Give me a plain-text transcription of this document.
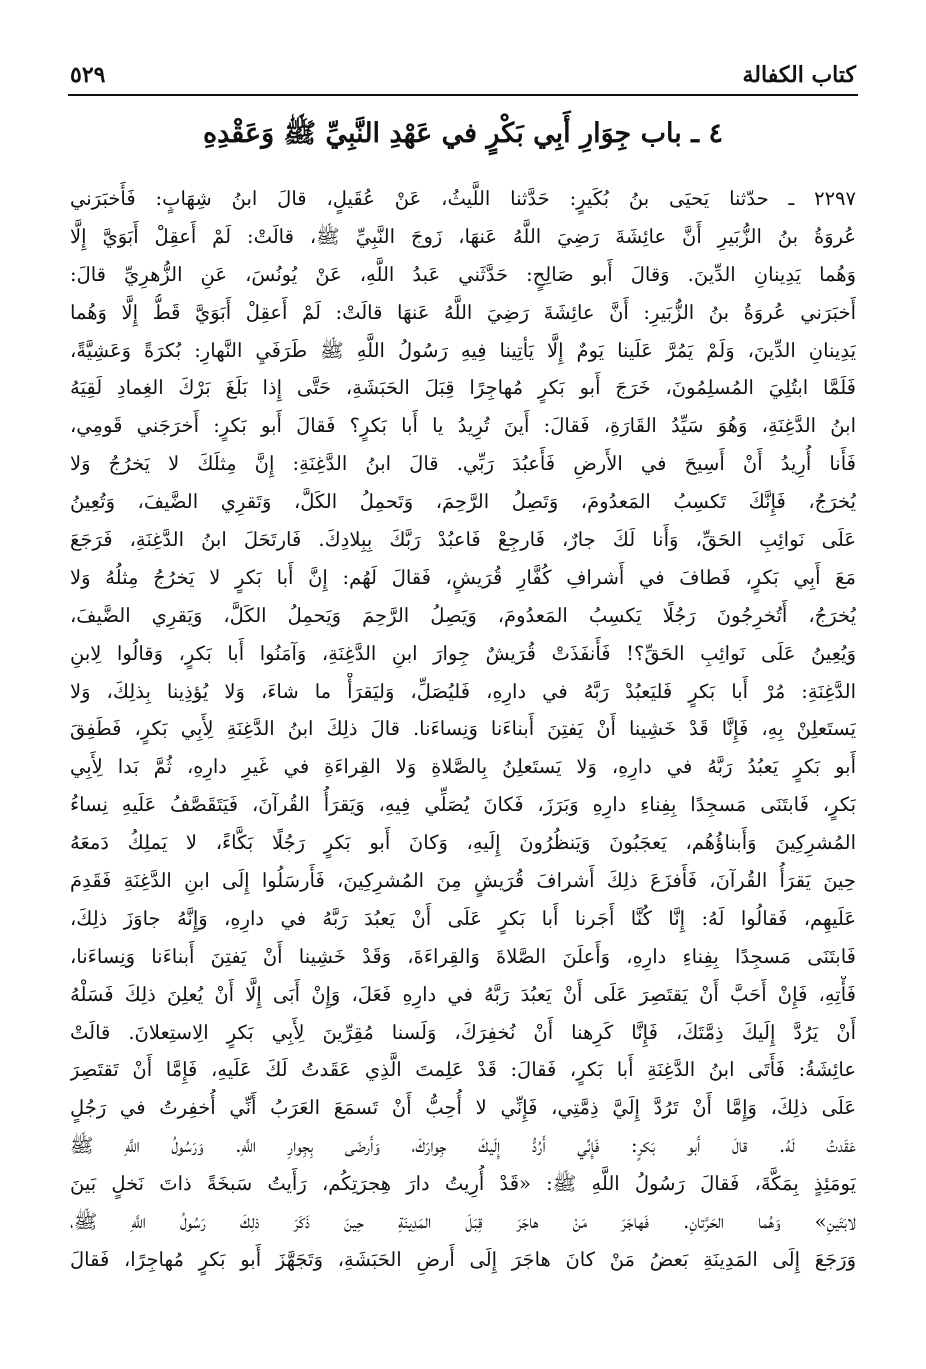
كتاب الكفالة
٥٢٩
٤ ـ باب جِوَارِ أَبِي بَكْرٍ في عَهْدِ النَّبِيِّ ﷺ وَعَقْدِهِ
٢٢٩٧ ـ حدّثنا يَحيَى بنُ بُكَيرٍ: حَدَّثنا اللَّيثُ، عَنْ عُقَيلٍ، قالَ ابنُ شِهَابٍ: فَأَخبَرَني
عُروَةُ بنُ الزُّبَيرِ أَنَّ عائِشَةَ رَضِيَ اللَّهُ عَنهَا، زَوجَ النَّبِيِّ ﷺ، قالَتْ: لَمْ أَعقِلْ أَبَوَيَّ إِلَّا
وَهُما يَدِينانِ الدِّينَ. وَقالَ أَبو صَالِحٍ: حَدَّثَني عَبدُ اللَّهِ، عَنْ يُونُسَ، عَنِ الزُّهرِيِّ قالَ:
أَخبَرَني عُروَةُ بنُ الزُّبَيرِ: أَنَّ عائِشَةَ رَضِيَ اللَّهُ عَنهَا قالَتْ: لَمْ أَعقِلْ أَبَوَيَّ قَطُّ إِلَّا وَهُما
يَدِينانِ الدِّينَ، وَلَمْ يَمُرَّ عَلَينا يَومٌ إِلَّا يَأتِينا فِيهِ رَسُولُ اللَّهِ ﷺ طَرَفَيِ النَّهارِ: بُكرَةً وَعَشِيَّةً،
فَلَمَّا ابتُلِيَ المُسلِمُونَ، خَرَجَ أَبو بَكرٍ مُهاجِرًا قِبَلَ الحَبَشَةِ، حَتَّى إِذا بَلَغَ بَرْكَ الغِمادِ لَقِيَهُ
ابنُ الدَّغِنَةِ، وَهُوَ سَيِّدُ القَارَةِ، فَقالَ: أَينَ تُرِيدُ يا أَبا بَكرٍ؟ فَقالَ أَبو بَكرٍ: أَخرَجَني قَومِي،
فَأَنا أُرِيدُ أَنْ أَسِيحَ في الأَرضِ فَأَعبُدَ رَبِّي. قالَ ابنُ الدَّغِنَةِ: إِنَّ مِثلَكَ لا يَخرُجُ وَلا
يُخرَجُ، فَإِنَّكَ تَكسِبُ المَعدُومَ، وَتَصِلُ الرَّحِمَ، وَتَحمِلُ الكَلَّ، وَتَقرِي الضَّيفَ، وَتُعِينُ
عَلَى نَوائِبِ الحَقِّ، وَأَنا لَكَ جارٌ، فَارجِعْ فَاعبُدْ رَبَّكَ بِبِلادِكَ. فَارتَحَلَ ابنُ الدَّغِنَةِ، فَرَجَعَ
مَعَ أَبِي بَكرٍ، فَطافَ في أَشرافِ كُفَّارِ قُرَيشٍ، فَقالَ لَهُم: إِنَّ أَبا بَكرٍ لا يَخرُجُ مِثلُهُ وَلا
يُخرَجُ، أَتُخرِجُونَ رَجُلًا يَكسِبُ المَعدُومَ، وَيَصِلُ الرَّحِمَ وَيَحمِلُ الكَلَّ، وَيَقرِي الضَّيفَ،
وَيُعِينُ عَلَى نَوائِبِ الحَقِّ؟! فَأَنفَذَتْ قُرَيشٌ جِوارَ ابنِ الدَّغِنَةِ، وَآمَنُوا أَبا بَكرٍ، وَقالُوا لِابنِ
الدَّغِنَةِ: مُرْ أَبا بَكرٍ فَليَعبُدْ رَبَّهُ في دارِهِ، فَليُصَلِّ، وَليَقرَأْ ما شاءَ، وَلا يُؤذِينا بِذلِكَ، وَلا
يَستَعلِنْ بِهِ، فَإِنَّا قَدْ خَشِينا أَنْ يَفتِنَ أَبناءَنا وَنِساءَنا. قالَ ذلِكَ ابنُ الدَّغِنَةِ لِأَبِي بَكرٍ، فَطَفِقَ
أَبو بَكرٍ يَعبُدُ رَبَّهُ في دارِهِ، وَلا يَستَعلِنُ بِالصَّلاةِ وَلا القِراءَةِ في غَيرِ دارِهِ، ثُمَّ بَدا لِأَبِي
بَكرٍ، فَابتَنَى مَسجِدًا بِفِناءِ دارِهِ وَبَرَزَ، فَكانَ يُصَلِّي فِيهِ، وَيَقرَأُ القُرآنَ، فَيَتَقَصَّفُ عَلَيهِ نِساءُ
المُشرِكِينَ وَأَبناؤُهُم، يَعجَبُونَ وَيَنظُرُونَ إِلَيهِ، وَكانَ أَبو بَكرٍ رَجُلًا بَكَّاءً، لا يَملِكُ دَمعَهُ
حِينَ يَقرَأُ القُرآنَ، فَأَفزَعَ ذلِكَ أَشرافَ قُرَيشٍ مِنَ المُشرِكِينَ، فَأَرسَلُوا إِلَى ابنِ الدَّغِنَةِ فَقَدِمَ
عَلَيهِم، فَقالُوا لَهُ: إِنَّا كُنَّا أَجَرنا أَبا بَكرٍ عَلَى أَنْ يَعبُدَ رَبَّهُ في دارِهِ، وَإِنَّهُ جاوَزَ ذلِكَ،
فَابتَنَى مَسجِدًا بِفِناءِ دارِهِ، وَأَعلَنَ الصَّلاةَ وَالقِراءَةَ، وَقَدْ خَشِينا أَنْ يَفتِنَ أَبناءَنا وَنِساءَنا،
فَأْتِهِ، فَإِنْ أَحَبَّ أَنْ يَقتَصِرَ عَلَى أَنْ يَعبُدَ رَبَّهُ في دارِهِ فَعَلَ، وَإِنْ أَبَى إِلَّا أَنْ يُعلِنَ ذلِكَ فَسَلْهُ
أَنْ يَرُدَّ إِلَيكَ ذِمَّتَكَ، فَإِنَّا كَرِهنا أَنْ نُخفِرَكَ، وَلَسنا مُقِرِّينَ لِأَبِي بَكرٍ الِاستِعلانَ. قالَتْ
عائِشَةُ: فَأَتَى ابنُ الدَّغِنَةِ أَبا بَكرٍ، فَقالَ: قَدْ عَلِمتَ الَّذِي عَقَدتُ لَكَ عَلَيهِ، فَإِمَّا أَنْ تَقتَصِرَ
عَلَى ذلِكَ، وَإِمَّا أَنْ تَرُدَّ إِلَيَّ ذِمَّتِي، فَإِنِّي لا أُحِبُّ أَنْ تَسمَعَ العَرَبُ أَنِّي أُخفِرتُ في رَجُلٍ
عَقَدتُ لَهُ. قالَ أَبو بَكرٍ: فَإِنِّي أَرُدُّ إِلَيكَ جِوارَكَ، وَأَرضَى بِجِوارِ اللَّهِ. وَرَسُولُ اللَّهِ ﷺ
يَومَئِذٍ بِمَكَّةَ، فَقالَ رَسُولُ اللَّهِ ﷺ: «قَدْ أُرِيتُ دارَ هِجرَتِكُم، رَأَيتُ سَبخَةً ذاتَ نَخلٍ بَينَ
لابَتَينِ» وَهُما الحَرَّتانِ. فَهاجَرَ مَنْ هاجَرَ قِبَلَ المَدِينَةِ حِينَ ذَكَرَ ذلِكَ رَسُولُ اللَّهِ ﷺ،
وَرَجَعَ إِلَى المَدِينَةِ بَعضُ مَنْ كانَ هاجَرَ إِلَى أَرضِ الحَبَشَةِ، وَتَجَهَّزَ أَبو بَكرٍ مُهاجِرًا، فَقالَ
